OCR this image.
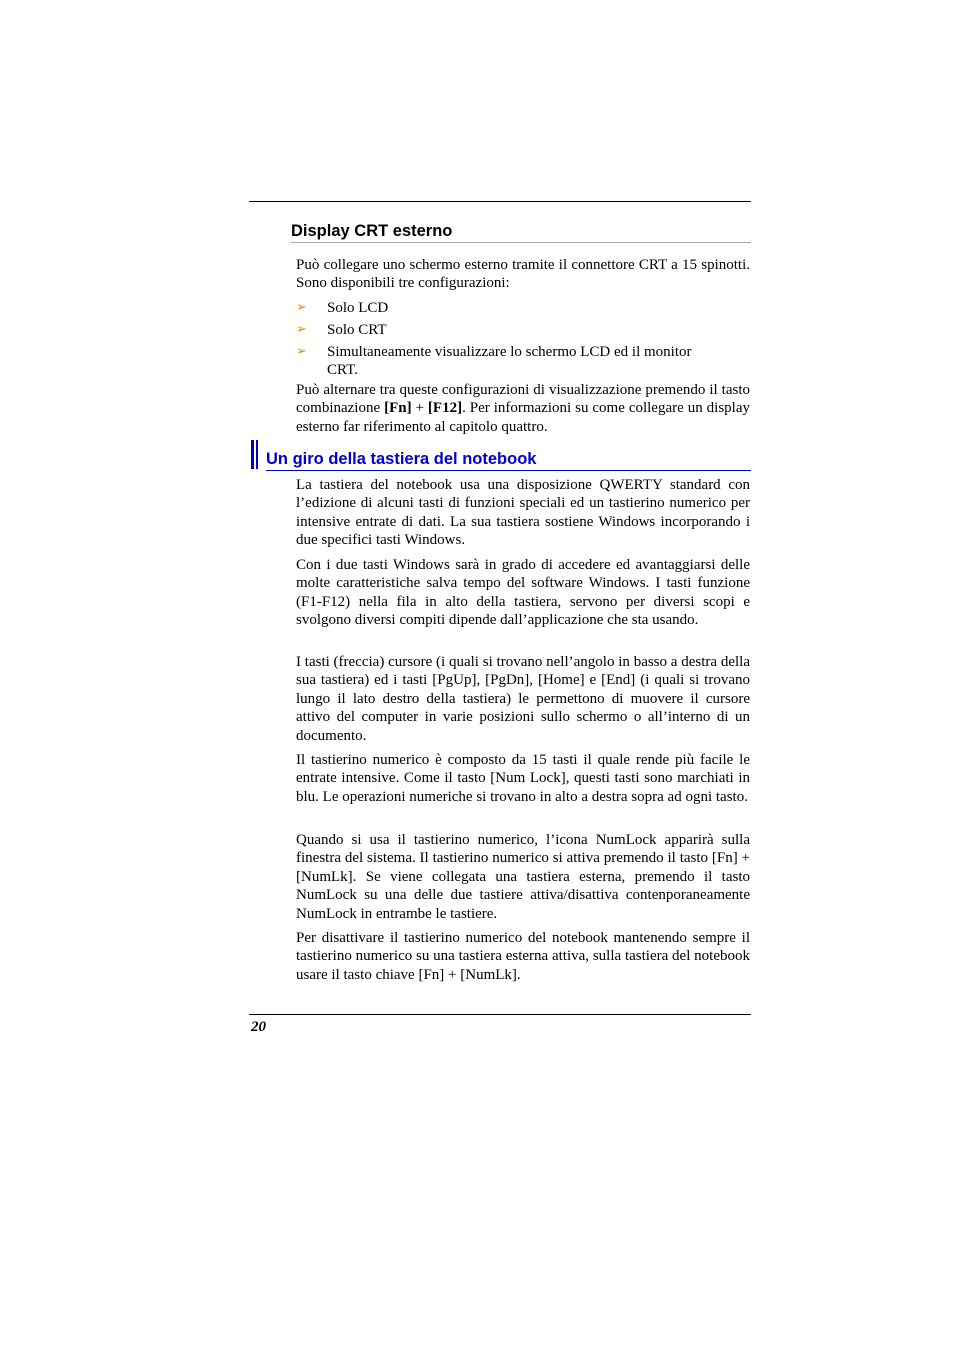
Display CRT esterno
Può collegare uno schermo esterno tramite il connettore CRT a 15 spinotti. Sono disponibili tre configurazioni:
➢ Solo LCD
➢ Solo CRT
➢ Simultaneamente visualizzare lo schermo LCD ed il monitor CRT.
Può alternare tra queste configurazioni di visualizzazione premendo il tasto combinazione [Fn] + [F12]. Per informazioni su come collegare un display esterno far riferimento al capitolo quattro.
Un giro della tastiera del notebook
La tastiera del notebook usa una disposizione QWERTY standard con l’edizione di alcuni tasti di funzioni speciali ed un tastierino numerico per intensive entrate di dati. La sua tastiera sostiene Windows incorporando i due specifici tasti Windows.
Con i due tasti Windows sarà in grado di accedere ed avantaggiarsi delle molte caratteristiche salva tempo del software Windows. I tasti funzione (F1-F12) nella fila in alto della tastiera, servono per diversi scopi e svolgono diversi compiti dipende dall’applicazione che sta usando.
I tasti (freccia) cursore (i quali si trovano nell’angolo in basso a destra della sua tastiera) ed i tasti [PgUp], [PgDn], [Home] e [End] (i quali si trovano lungo il lato destro della tastiera) le permettono di muovere il cursore attivo del computer in varie posizioni sullo schermo o all’interno di un documento.
Il tastierino numerico è composto da 15 tasti il quale rende più facile le entrate intensive. Come il tasto [Num Lock], questi tasti sono marchiati in blu. Le operazioni numeriche si trovano in alto a destra sopra ad ogni tasto.
Quando si usa il tastierino numerico, l’icona NumLock apparirà sulla finestra del sistema. Il tastierino numerico si attiva premendo il tasto [Fn] + [NumLk]. Se viene collegata una tastiera esterna, premendo il tasto NumLock su una delle due tastiere attiva/disattiva contenporaneamente NumLock in entrambe le tastiere.
Per disattivare il tastierino numerico del notebook mantenendo sempre il tastierino numerico su una tastiera esterna attiva, sulla tastiera del notebook usare il tasto chiave [Fn] + [NumLk].
20
